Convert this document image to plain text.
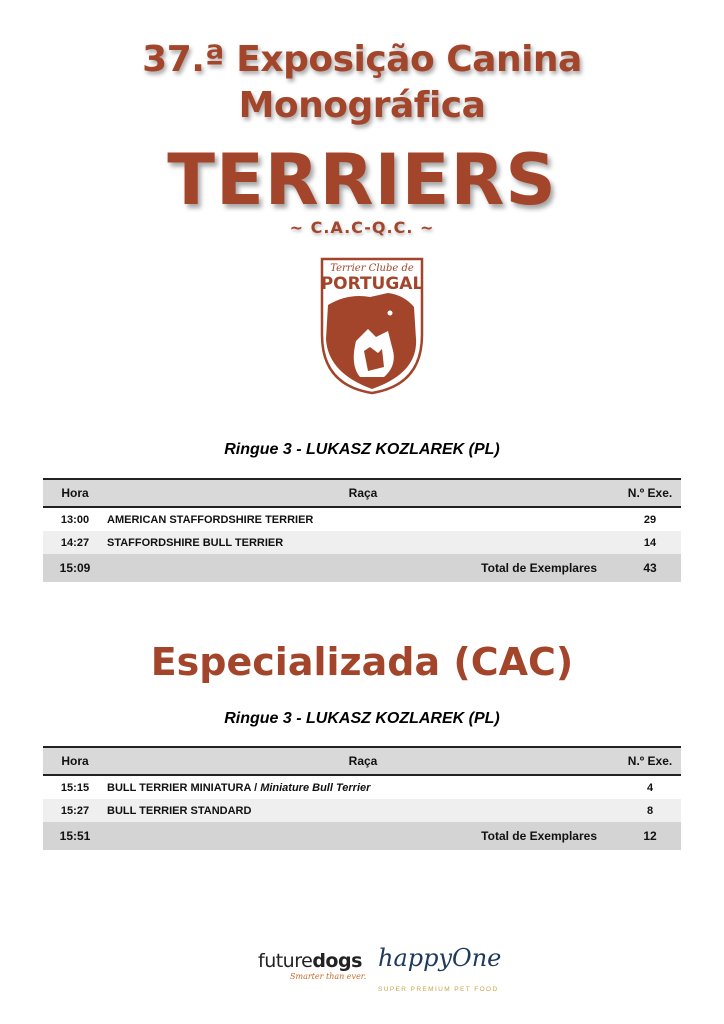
37.ª Exposição Canina
Monográfica
TERRIERS
~ C.A.C-Q.C. ~
Terrier Clube de
PORTUGAL
Ringue 3 - LUKASZ KOZLAREK (PL)
Hora	Raça	N.º Exe.
13:00	AMERICAN STAFFORDSHIRE TERRIER	29
14:27	STAFFORDSHIRE BULL TERRIER	14
15:09	Total de Exemplares	43
Especializada (CAC)
Ringue 3 - LUKASZ KOZLAREK (PL)
Hora	Raça	N.º Exe.
15:15	BULL TERRIER MINIATURA / Miniature Bull Terrier	4
15:27	BULL TERRIER STANDARD	8
15:51	Total de Exemplares	12
futuredogs
Smarter than ever.
happyOne
SUPER PREMIUM PET FOOD
